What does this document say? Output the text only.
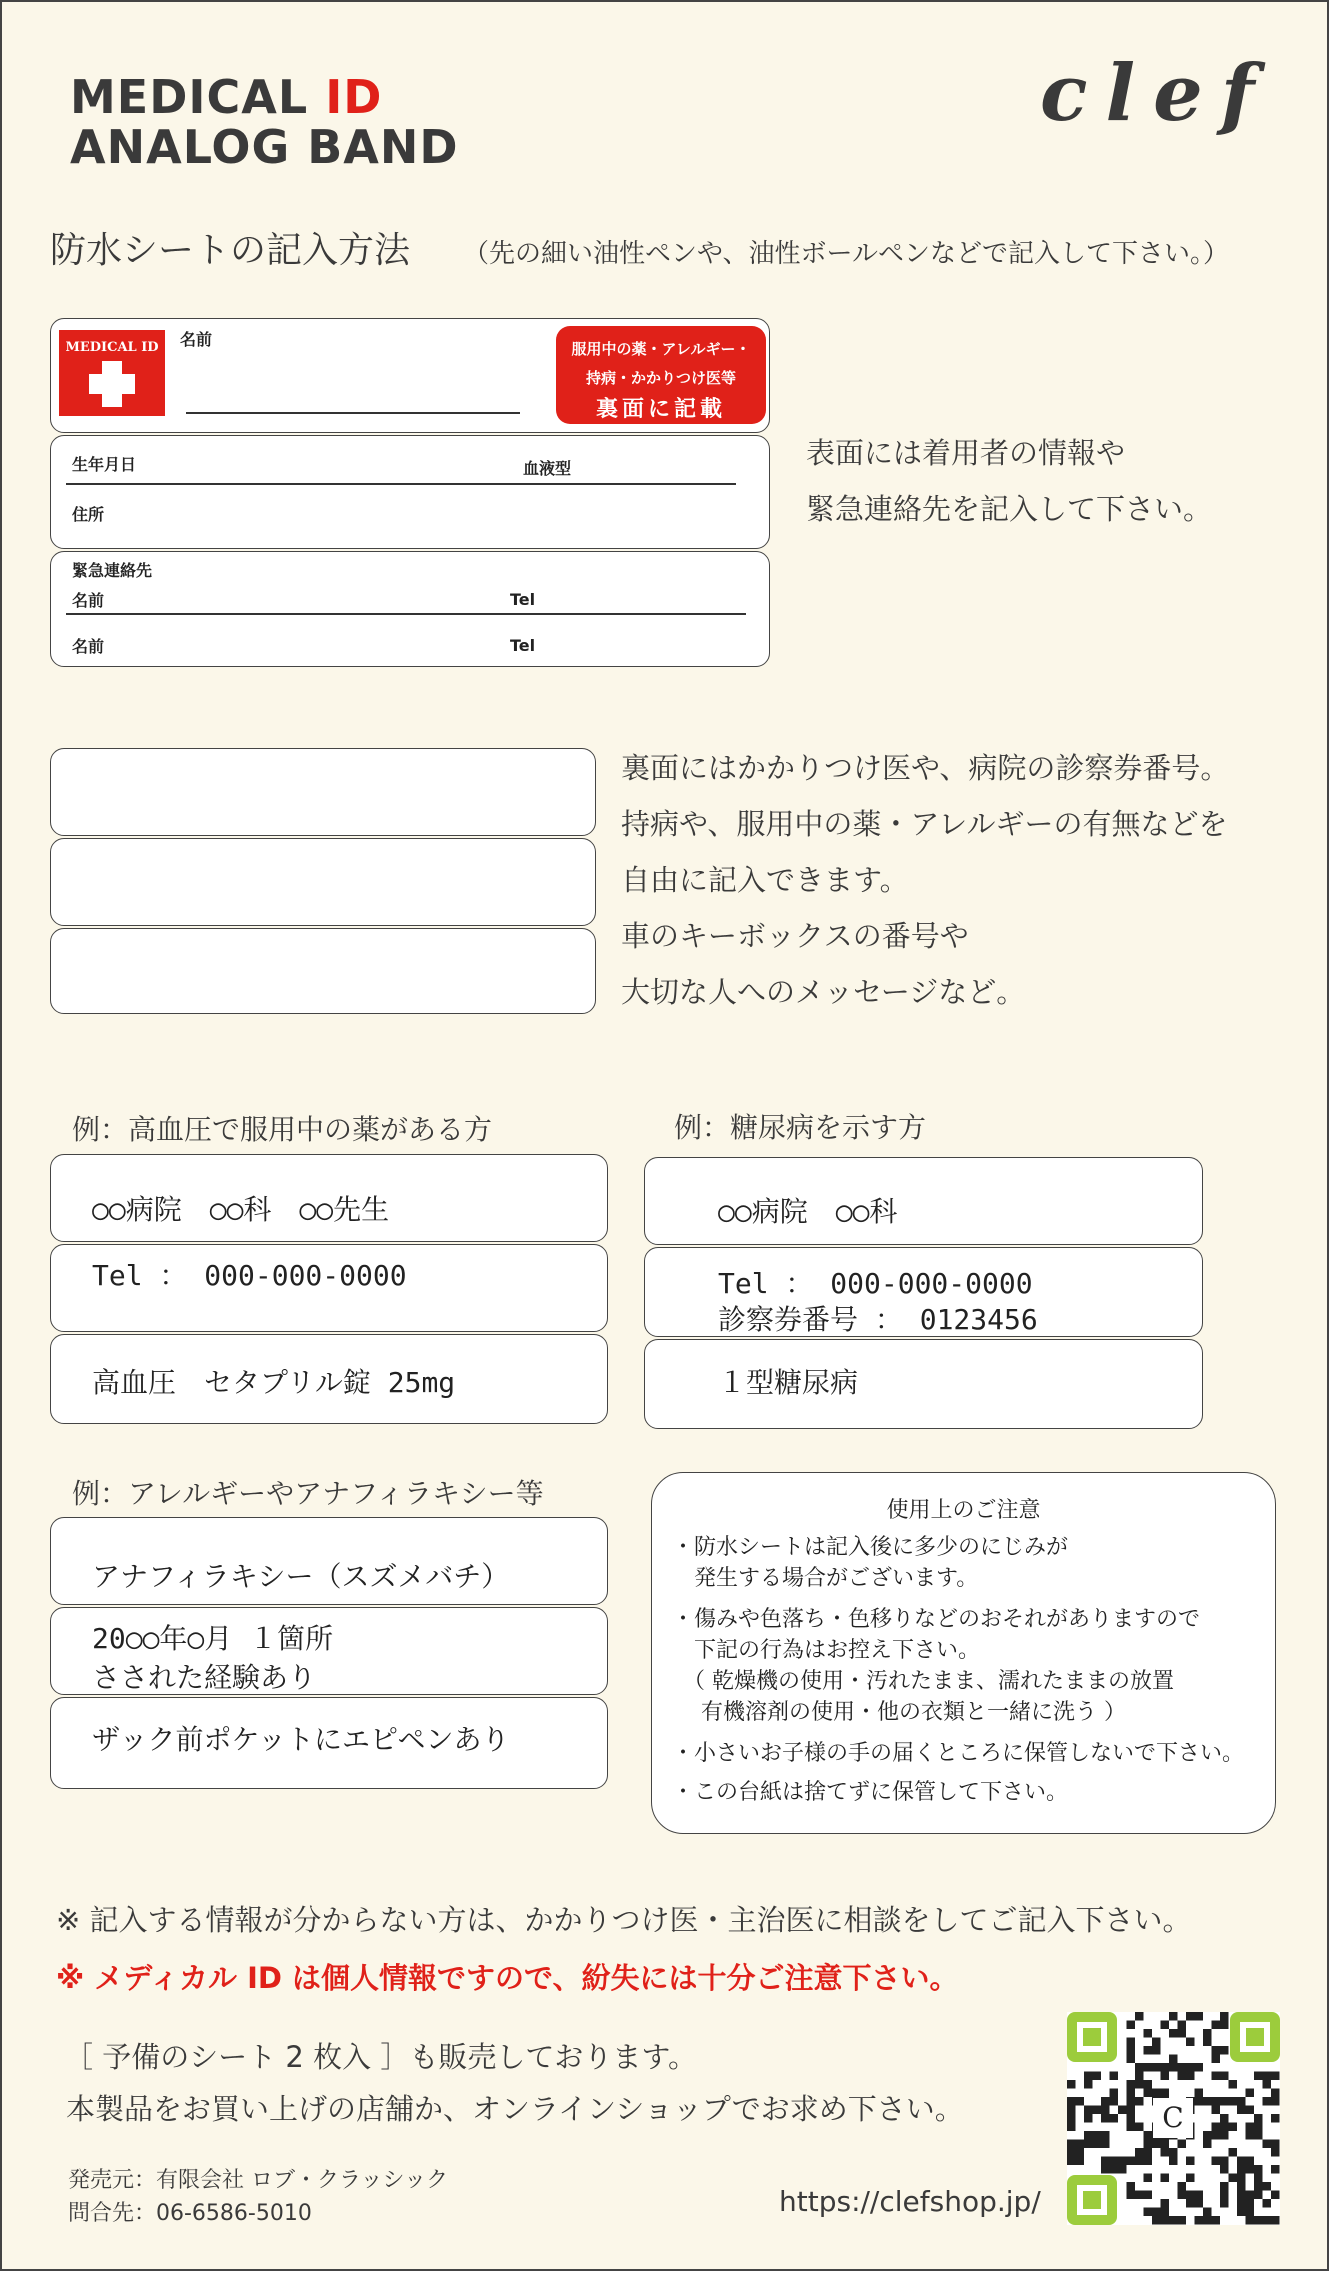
MEDICAL ID
ANALOG BAND
clef
防水シートの記入方法 （先の細い油性ペンや、油性ボールペンなどで記入して下さい。）
MEDICAL ID	名前	服用中の薬・アレルギー・
持病・かかりつけ医等
裏面に記載
生年月日	血液型
住所
緊急連絡先
名前	Tel
名前	Tel
表面には着用者の情報や
緊急連絡先を記入して下さい。
裏面にはかかりつけ医や、病院の診察券番号。
持病や、服用中の薬・アレルギーの有無などを
自由に記入できます。
車のキーボックスの番号や
大切な人へのメッセージなど。
例：高血圧で服用中の薬がある方
○○病院　○○科　○○先生
Tel ： 000-000-0000
高血圧　セタプリル錠 25mg
例：糖尿病を示す方
○○病院　○○科
Tel ： 000-000-0000
診察券番号 ： 0123456
１型糖尿病
例：アレルギーやアナフィラキシー等
アナフィラキシー（スズメバチ）
20○○年○月 １箇所
さされた経験あり
ザック前ポケットにエピペンあり
使用上のご注意
・防水シートは記入後に多少のにじみが
　発生する場合がございます。
・傷みや色落ち・色移りなどのおそれがありますので
　下記の行為はお控え下さい。
　（ 乾燥機の使用・汚れたまま、濡れたままの放置
　 有機溶剤の使用・他の衣類と一緒に洗う ）
・小さいお子様の手の届くところに保管しないで下さい。
・この台紙は捨てずに保管して下さい。
※ 記入する情報が分からない方は、かかりつけ医・主治医に相談をしてご記入下さい。
※ メディカル ID は個人情報ですので、紛失には十分ご注意下さい。
［ 予備のシート 2 枚入 ］も販売しております。
本製品をお買い上げの店舗か、オンラインショップでお求め下さい。
発売元：有限会社 ロブ・クラッシック
問合先：06-6586-5010	https://clefshop.jp/
C
